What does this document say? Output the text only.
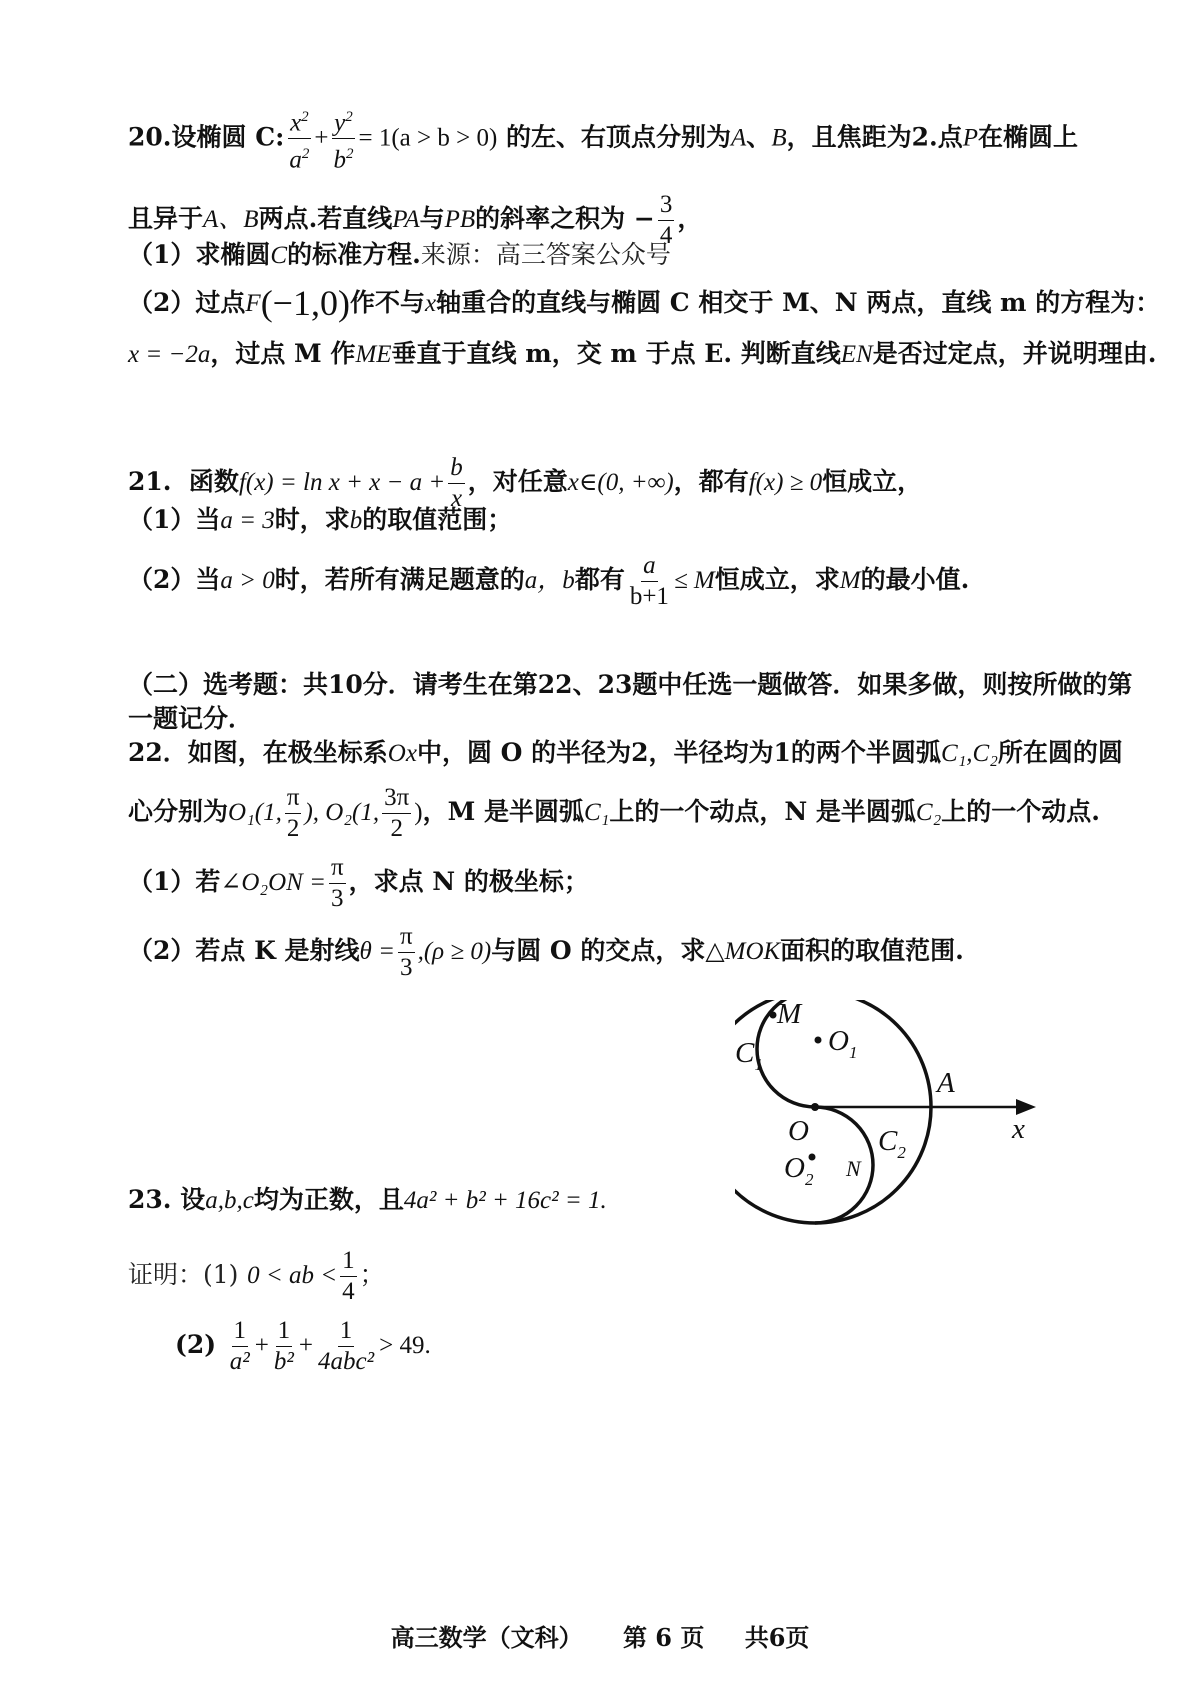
20.设椭圆 C: $\frac{x^2}{a^2} + \frac{y^2}{b^2} = 1(a > b > 0)$ 的左、右顶点分别为A、B，且焦距为2.点P在椭圆上
且异于A、B两点.若直线PA与PB的斜率之积为 − $\frac{3}{4}$ ，
（1）求椭圆C的标准方程.来源：高三答案公众号
（2）过点F(−1,0)作不与x轴重合的直线与椭圆 C 相交于 M、N 两点，直线 m 的方程为：
x = −2a，过点 M 作ME垂直于直线 m，交 m 于点 E. 判断直线EN是否过定点，并说明理由.
21. 函数$f(x) = \ln x + x - a + \frac{b}{x}$ ，对任意x∈(0, +∞)，都有f(x) ≥ 0恒成立，
（1）当a = 3时，求b的取值范围；
（2）当a > 0时，若所有满足题意的a，b都有 $\frac{a}{b+1} \le M$恒成立，求M的最小值.
（二）选考题：共10分．请考生在第22、23题中任选一题做答．如果多做，则按所做的第
一题记分．
22．如图，在极坐标系Ox中，圆 O 的半径为2，半径均为1的两个半圆弧C₁,C₂所在圆的圆
心分别为O₁(1, $\frac{\pi}{2}$ ), O₂(1, $\frac{3\pi}{2}$ )，M 是半圆弧C₁上的一个动点，N 是半圆弧C₂上的一个动点.
（1）若∠O₂ON = $\frac{\pi}{3}$ ，求点 N 的极坐标；
（2）若点 K 是射线$\theta = \frac{\pi}{3} ,(\rho \ge 0)$与圆 O 的交点，求△MOK面积的取值范围.
M
$O_1$
$C_1$
A
O	x
$C_2$
N
$O_2$
23. 设a,b,c均为正数，且4a² + b² + 16c² = 1.
证明：(1) 0 < ab < $\frac{1}{4}$ ；
$(2) \frac{1}{\text{a²}} + \frac{1}{\text{b²}} + \frac{1}{\text{4abc²}} > 49$.
高三数学（文科） 第 6 页 共6页
